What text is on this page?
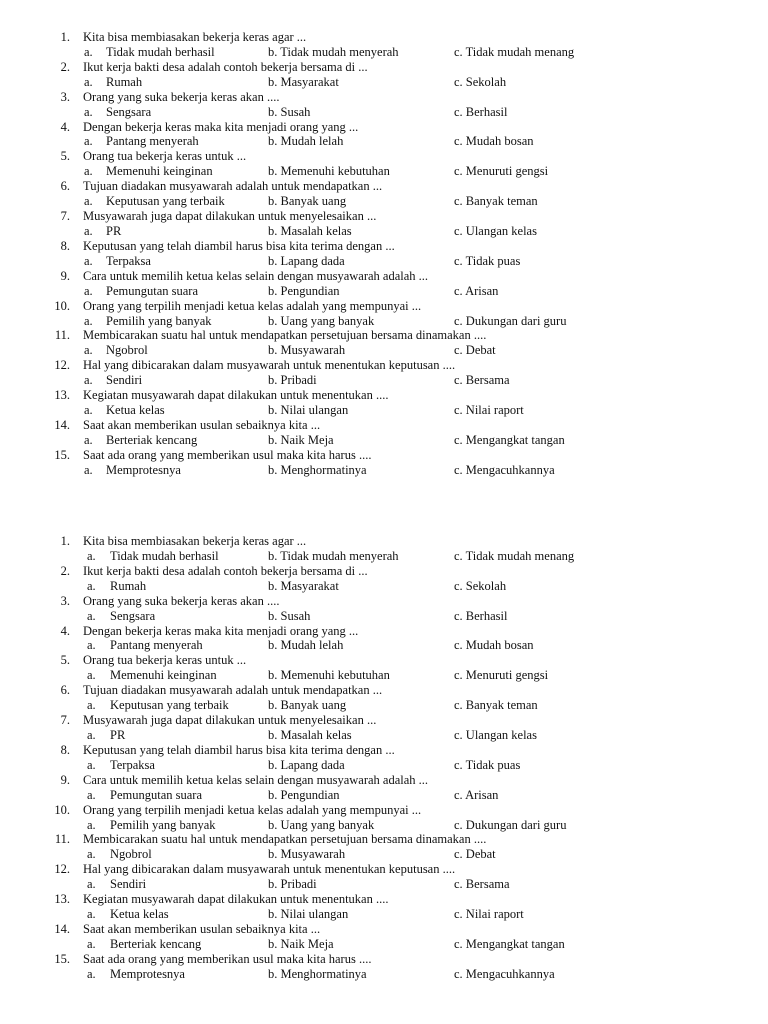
1. Kita bisa membiasakan bekerja keras agar ...
a. Tidak mudah berhasil	b. Tidak mudah menyerah	c. Tidak mudah menang
2. Ikut kerja bakti desa adalah contoh bekerja bersama di ...
a. Rumah	b. Masyarakat	c. Sekolah
3. Orang yang suka bekerja keras akan ....
a. Sengsara	b. Susah	c. Berhasil
4. Dengan bekerja keras maka kita menjadi orang yang ...
a. Pantang menyerah	b. Mudah lelah	c. Mudah bosan
5. Orang tua bekerja keras untuk ...
a. Memenuhi keinginan	b. Memenuhi kebutuhan	c. Menuruti gengsi
6. Tujuan diadakan musyawarah adalah untuk mendapatkan ...
a. Keputusan yang terbaik	b. Banyak uang	c. Banyak teman
7. Musyawarah juga dapat dilakukan untuk menyelesaikan ...
a. PR	b. Masalah kelas	c. Ulangan kelas
8. Keputusan yang telah diambil harus bisa kita terima dengan ...
a. Terpaksa	b. Lapang dada	c. Tidak puas
9. Cara untuk memilih ketua kelas selain dengan musyawarah adalah ...
a. Pemungutan suara	b. Pengundian	c. Arisan
10. Orang yang terpilih menjadi ketua kelas adalah yang mempunyai ...
a. Pemilih yang banyak	b. Uang yang banyak	c. Dukungan dari guru
11. Membicarakan suatu hal untuk mendapatkan persetujuan bersama dinamakan ....
a. Ngobrol	b. Musyawarah	c. Debat
12. Hal yang dibicarakan dalam musyawarah untuk menentukan keputusan ....
a. Sendiri	b. Pribadi	c. Bersama
13. Kegiatan musyawarah dapat dilakukan untuk menentukan ....
a. Ketua kelas	b. Nilai ulangan	c. Nilai raport
14. Saat akan memberikan usulan sebaiknya kita ...
a. Berteriak kencang	b. Naik Meja	c. Mengangkat tangan
15. Saat ada orang yang memberikan usul maka kita harus ....
a. Memprotesnya	b. Menghormatinya	c. Mengacuhkannya
1. Kita bisa membiasakan bekerja keras agar ...
a. Tidak mudah berhasil	b. Tidak mudah menyerah	c. Tidak mudah menang
2. Ikut kerja bakti desa adalah contoh bekerja bersama di ...
a. Rumah	b. Masyarakat	c. Sekolah
3. Orang yang suka bekerja keras akan ....
a. Sengsara	b. Susah	c. Berhasil
4. Dengan bekerja keras maka kita menjadi orang yang ...
a. Pantang menyerah	b. Mudah lelah	c. Mudah bosan
5. Orang tua bekerja keras untuk ...
a. Memenuhi keinginan	b. Memenuhi kebutuhan	c. Menuruti gengsi
6. Tujuan diadakan musyawarah adalah untuk mendapatkan ...
a. Keputusan yang terbaik	b. Banyak uang	c. Banyak teman
7. Musyawarah juga dapat dilakukan untuk menyelesaikan ...
a. PR	b. Masalah kelas	c. Ulangan kelas
8. Keputusan yang telah diambil harus bisa kita terima dengan ...
a. Terpaksa	b. Lapang dada	c. Tidak puas
9. Cara untuk memilih ketua kelas selain dengan musyawarah adalah ...
a. Pemungutan suara	b. Pengundian	c. Arisan
10. Orang yang terpilih menjadi ketua kelas adalah yang mempunyai ...
a. Pemilih yang banyak	b. Uang yang banyak	c. Dukungan dari guru
11. Membicarakan suatu hal untuk mendapatkan persetujuan bersama dinamakan ....
a. Ngobrol	b. Musyawarah	c. Debat
12. Hal yang dibicarakan dalam musyawarah untuk menentukan keputusan ....
a. Sendiri	b. Pribadi	c. Bersama
13. Kegiatan musyawarah dapat dilakukan untuk menentukan ....
a. Ketua kelas	b. Nilai ulangan	c. Nilai raport
14. Saat akan memberikan usulan sebaiknya kita ...
a. Berteriak kencang	b. Naik Meja	c. Mengangkat tangan
15. Saat ada orang yang memberikan usul maka kita harus ....
a. Memprotesnya	b. Menghormatinya	c. Mengacuhkannya
